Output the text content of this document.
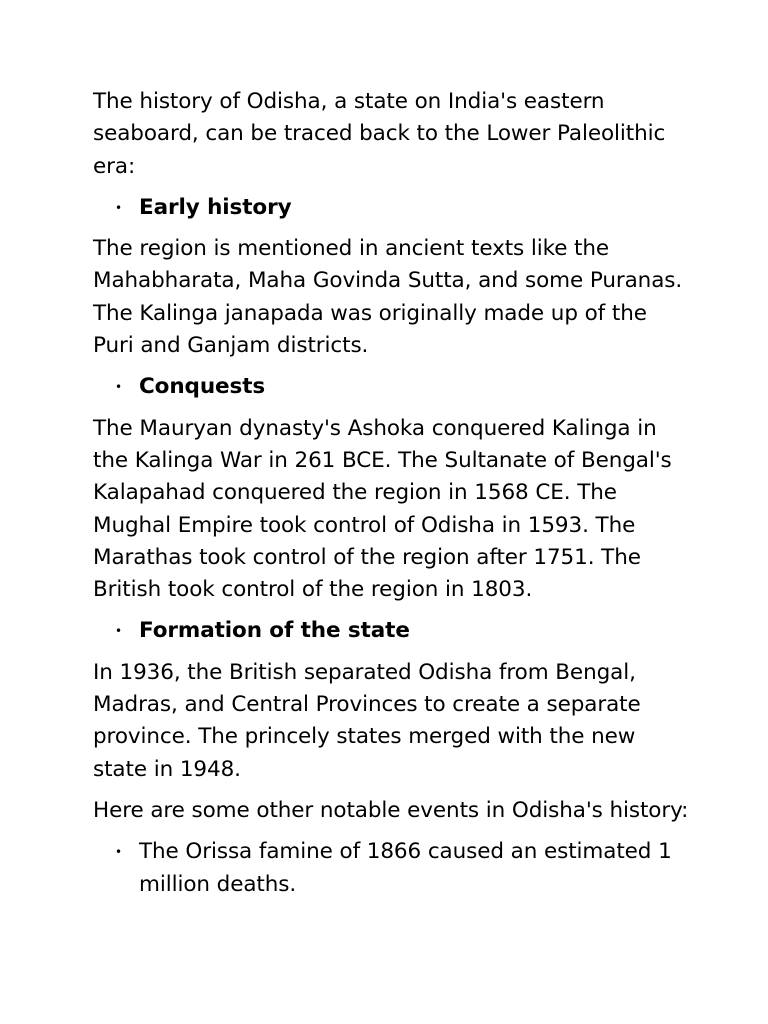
The history of Odisha, a state on India's eastern seaboard, can be traced back to the Lower Paleolithic era:

• Early history

The region is mentioned in ancient texts like the Mahabharata, Maha Govinda Sutta, and some Puranas. The Kalinga janapada was originally made up of the Puri and Ganjam districts.

• Conquests

The Mauryan dynasty's Ashoka conquered Kalinga in the Kalinga War in 261 BCE. The Sultanate of Bengal's Kalapahad conquered the region in 1568 CE. The Mughal Empire took control of Odisha in 1593. The Marathas took control of the region after 1751. The British took control of the region in 1803.

• Formation of the state

In 1936, the British separated Odisha from Bengal, Madras, and Central Provinces to create a separate province. The princely states merged with the new state in 1948.

Here are some other notable events in Odisha's history:

• The Orissa famine of 1866 caused an estimated 1 million deaths.
